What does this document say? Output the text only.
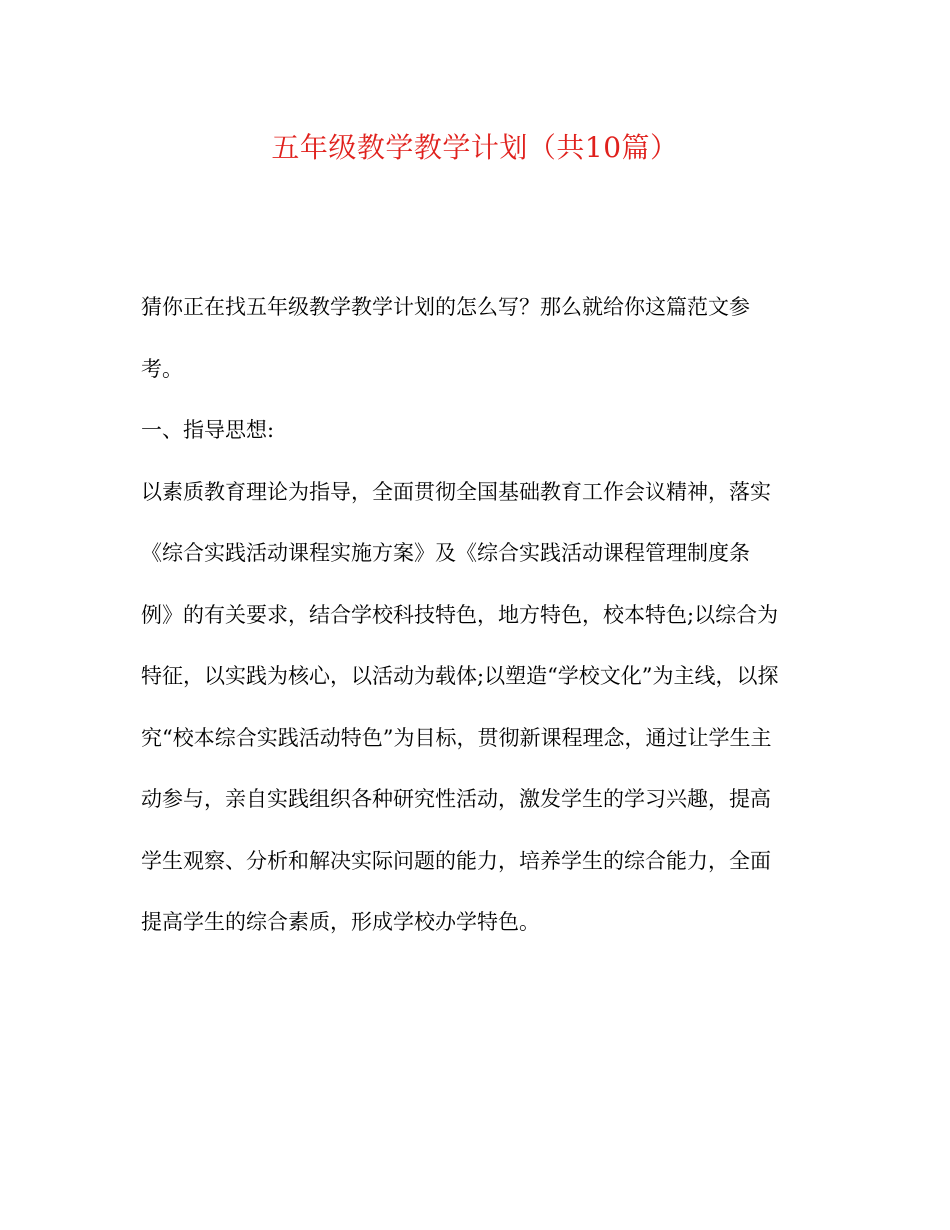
五年级教学教学计划（共10篇）
猜你正在找五年级教学教学计划的怎么写？那么就给你这篇范文参
考。
一、指导思想:
以素质教育理论为指导，全面贯彻全国基础教育工作会议精神，落实
《综合实践活动课程实施方案》及《综合实践活动课程管理制度条
例》的有关要求，结合学校科技特色，地方特色，校本特色;以综合为
特征，以实践为核心，以活动为载体;以塑造“学校文化”为主线，以探
究“校本综合实践活动特色”为目标，贯彻新课程理念，通过让学生主
动参与，亲自实践组织各种研究性活动，激发学生的学习兴趣，提高
学生观察、分析和解决实际问题的能力，培养学生的综合能力，全面
提高学生的综合素质，形成学校办学特色。
